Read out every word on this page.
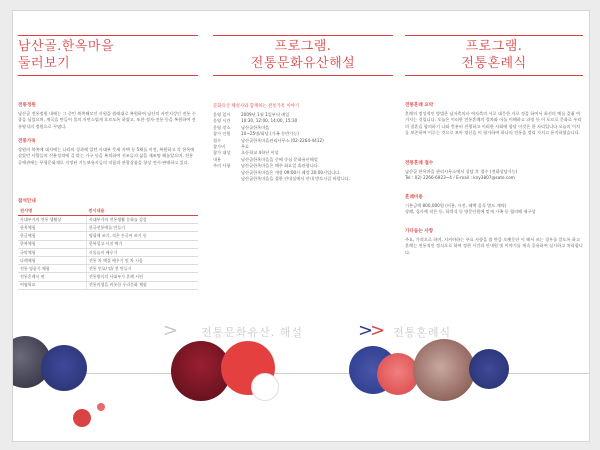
남산골.한옥마을
둘러보기
전통정원

남산골 전통정원 내에는 그 중턴 북쪽해모인 사원을 원래대로 복원하여 남산의 자연지성인 전통 수종을 심었으며, 계곡을 만들어 물의 자연스럽게 흐르도록 하였고, 또한 정자·전통 등을 복원하여 전통양식의 정원으로 꾸몄다.

전통가옥

장원의 북쪽에 대지에는 나라의 성과에 있던 사대부 뜻세 자택 등 5채를 이전, 복원하고 각 한옥에 살았던 사람들의 신분성격에 걸 맞는 가구 등을 복치하여 선조들의 삶을 재조명 해놓았으며, 전통 공예관에는 무형문화재로 지정된 기능보유자들의 작품과 관광상품을 항상 전시·판매하고 있다.

참석안내
전시명	전시내용
사대부가의 전통 생활상	사대부가의 전통생활 문화를 감상
한옥체험	한국전통예를 만들기
한글체험	명필체 쓰기, 적은 손글씨 쓰기 등
한복체험	한복입고 사진 찍기
국악체험	사물놀이 배우기
다례체험	전통 차 예절 배우기 및 차 시음
전통 명품기 체험	전통 민요/ 탈/ 전 만들기
전통혼례식 연	전통방식의 사대부가 혼례 시연
여염학교	전통의생을 비롯한 우리문화 체험
프로그램.
전통문화유산해설
문화유산 해설사와 함께하는 전통가옥 이야기
운영 일시	2009년 1월 1일부터 매일
운영 시간	10:30, 12:00, 14:00, 15:30
운영 장소	남산골한옥마을
참가 인원	10~25명/회당 (가족 등반가능)
접수	남산골한옥마을관리사무소 (02-2264-4412)
참가비	무료
참가 대상	초등학교 4학년 이상
내용	남산골한옥마을을 중에 중심 문화유산해설
주의 사항	남산골한옥마을은 매주 화요일 휴관합니다.
남산골한옥마을은 개장 09:00시 폐장 20:00시입니다.
남산골한옥마을을 접한 안내실에서 안내 받으시길 바랍니다.
프로그램.
전통혼례식
전통혼례 요약

혼례의 정성적인 방법은 남자측의사 여자측의 서로 대응한 자로 정을 하여서 최선의 예를 갖춰 여겨지는 것입니다. 오늘은 이러한 전통혼례의 절차와 이를 이해하고 과정 등 이 포르로 문화로 우리의 결혼을 합의하기 나와 충분히 진행하고 이러한 사회에 합당 이것은 한 자리입니다 오늘의 이치를 보존하여 이루는 것으로 보아 정신을 이 평가하여 하나의 전통을 정리 가지고 유지하였습니다.

전통혼례 접수

남산골 한옥마을 관리사무소에서 상담 후 접수 (전화상담가능)

Tel : 02) 2266-6923~4 / E-mail : kny3807@sate.com

혼례비용

기본금액 800,000원 (비용, 사진, 폐백 음식 별도 계약)

장례, 집사예 작은 등, 하객석 등 방문인원에 맞게 가족 등 협의해 재구성

가다듬는 사항

주요, 가격으로 하며, 지켜야하는 주요 사항을 쓸 만큼 오랫동안 이 해서 쓰는 경우를 알도록 하고 혼례는 전통적인 정식으로 하며 정한 시간과 안내원 및 이야기를 계속 공유하여 실시하고 처리합니다.

> 전통문화유산. 해설	>
> 전통혼례식
